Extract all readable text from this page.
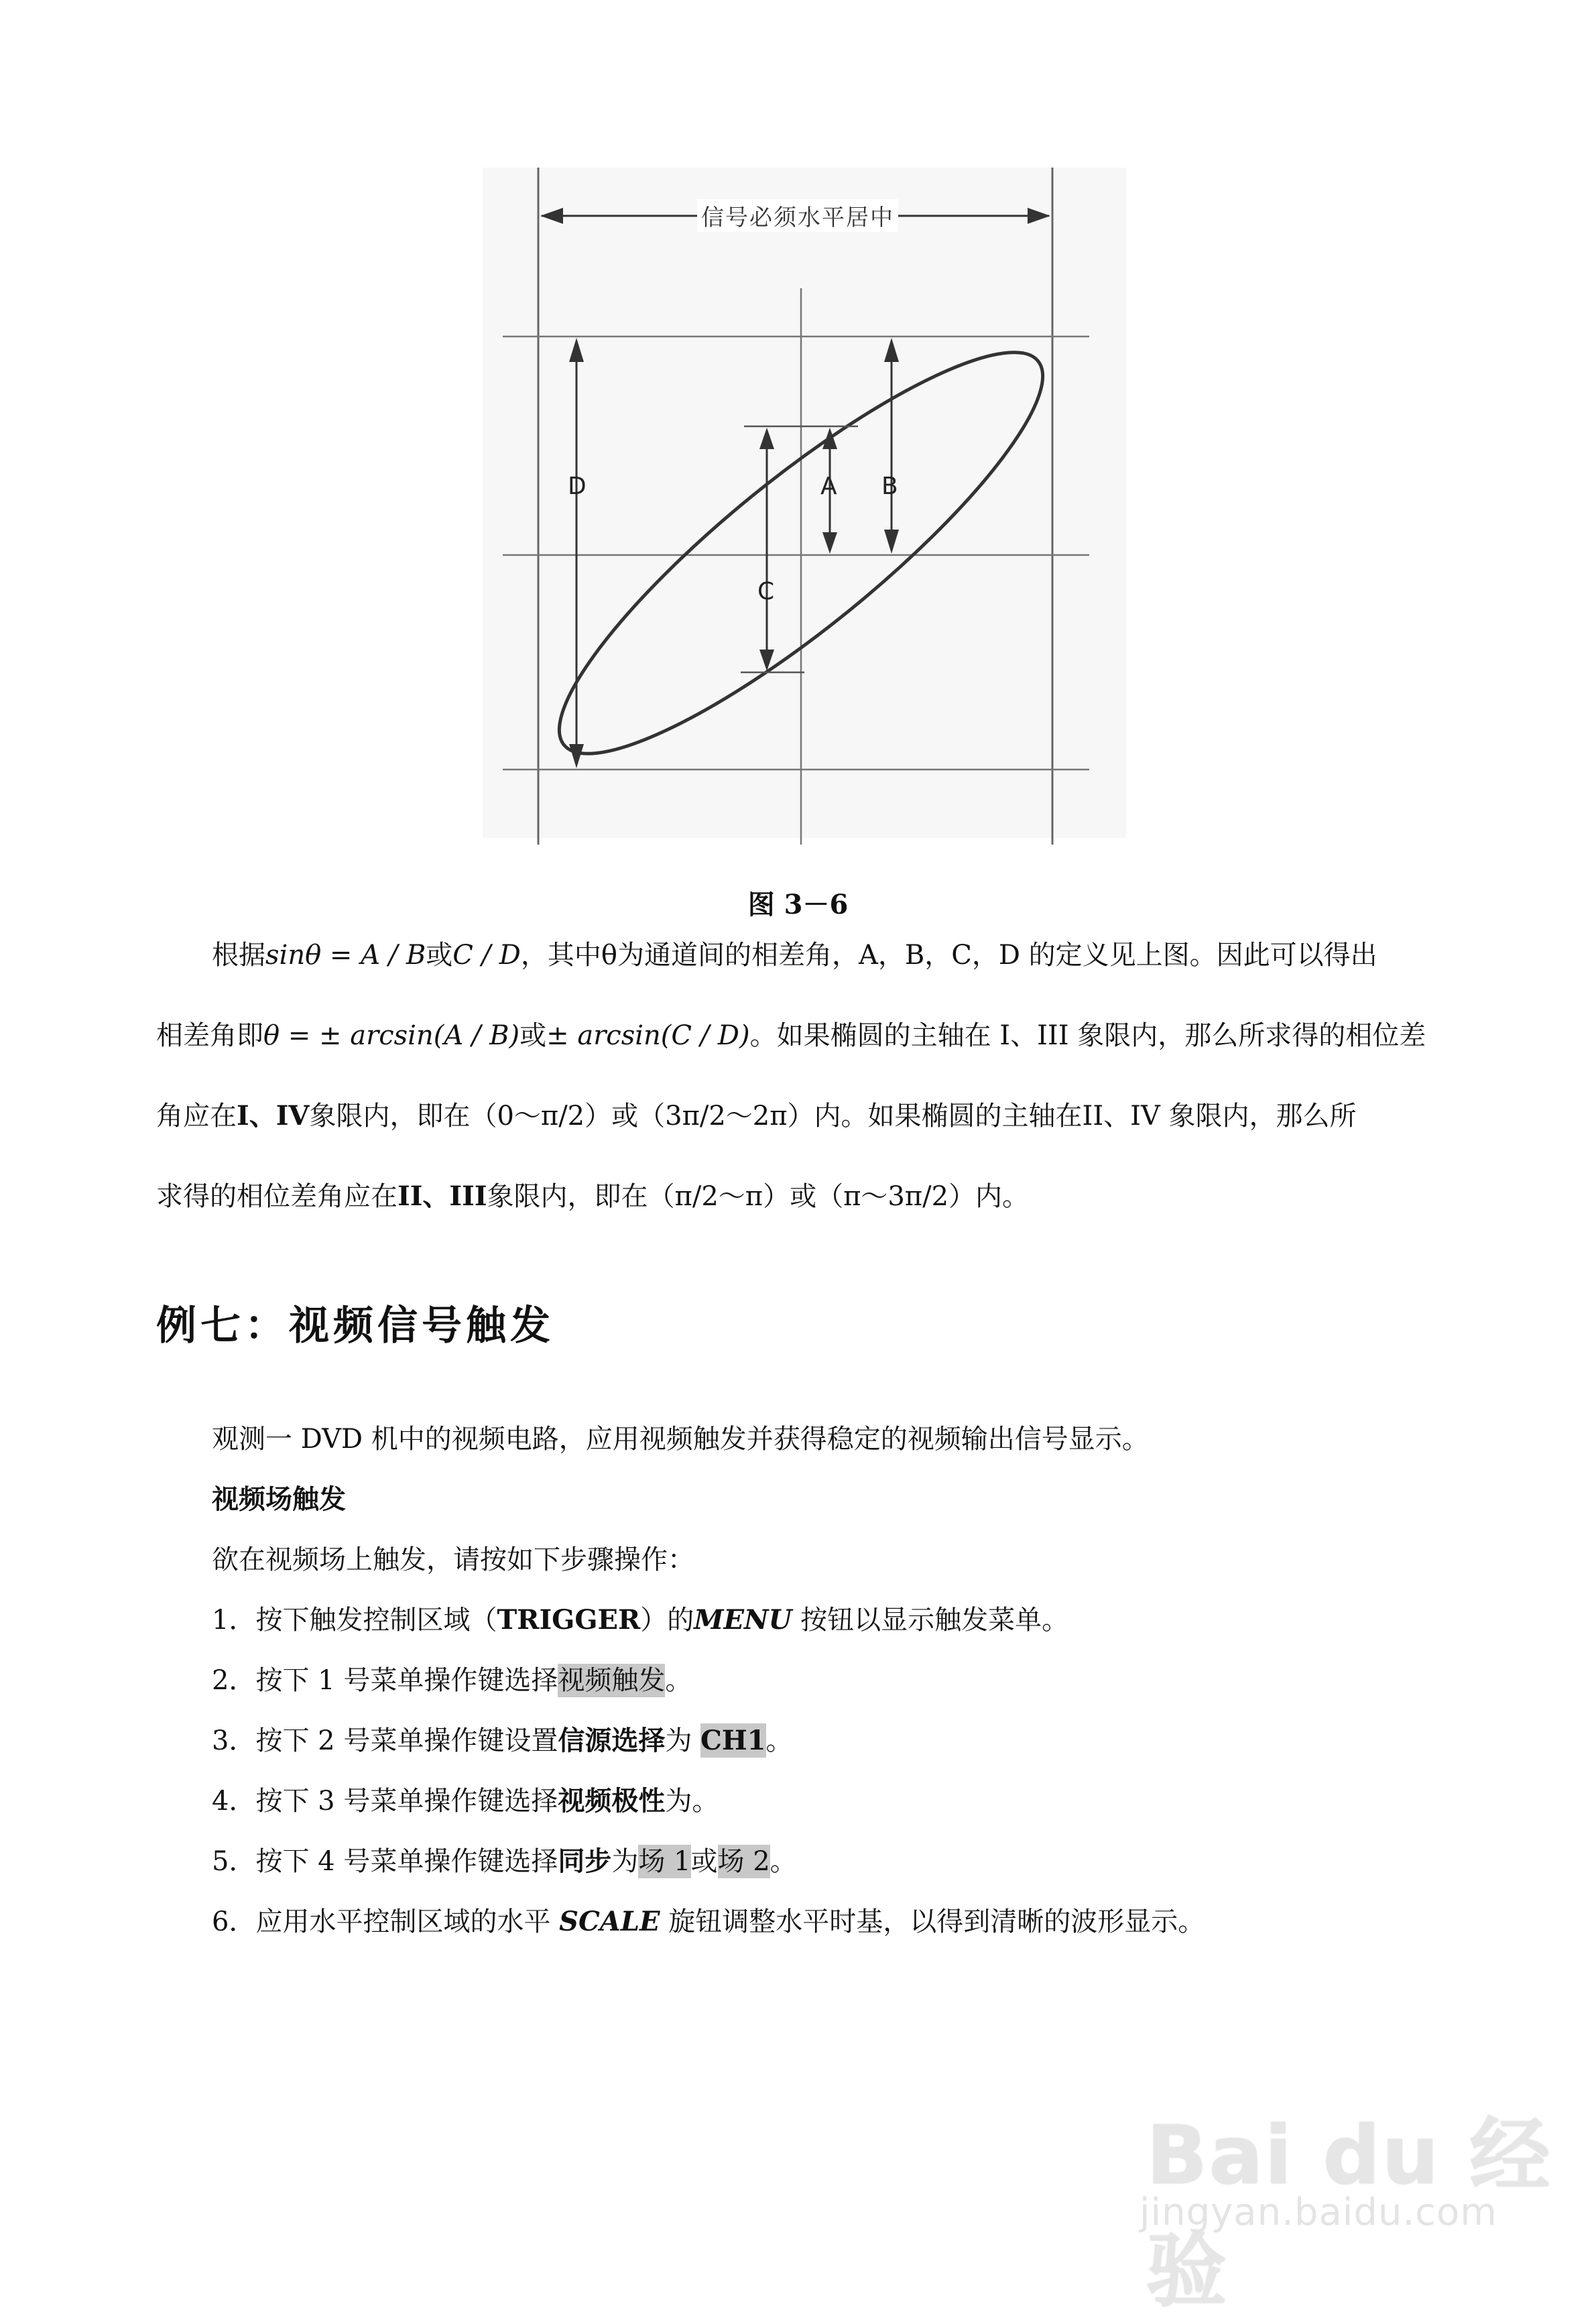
信号必须水平居中
D	B
A
C
图 3－6
根据sinθ = A / B或C / D，其中θ为通道间的相差角，A，B，C，D 的定义见上图。因此可以得出
相差角即θ = ± arcsin(A / B)或± arcsin(C / D)。如果椭圆的主轴在 I、III 象限内，那么所求得的相位差
角应在I、IV象限内，即在（0～π/2）或（3π/2～2π）内。如果椭圆的主轴在II、IV 象限内，那么所
求得的相位差角应在II、III象限内，即在（π/2～π）或（π～3π/2）内。
例七：视频信号触发
观测一 DVD 机中的视频电路，应用视频触发并获得稳定的视频输出信号显示。
视频场触发
欲在视频场上触发，请按如下步骤操作：
1．按下触发控制区域（TRIGGER）的MENU 按钮以显示触发菜单。
2．按下 1 号菜单操作键选择视频触发。
3．按下 2 号菜单操作键设置信源选择为 CH1。
4．按下 3 号菜单操作键选择视频极性为。
5．按下 4 号菜单操作键选择同步为场 1或场 2。
6．应用水平控制区域的水平 SCALE 旋钮调整水平时基，以得到清晰的波形显示。
Bai du 经验
jingyan.baidu.com
